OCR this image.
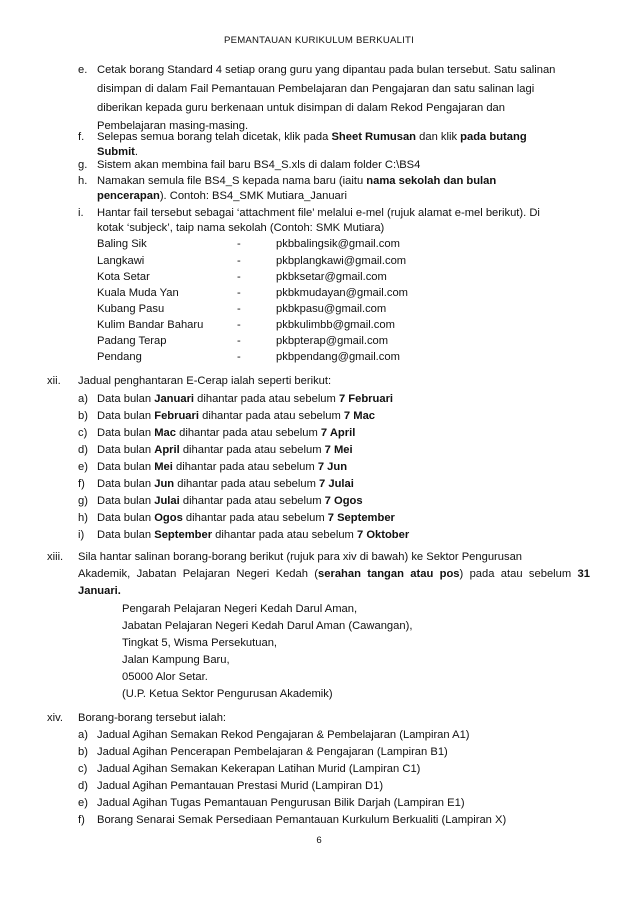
PEMANTAUAN KURIKULUM BERKUALITI
e. Cetak borang Standard 4 setiap orang guru yang dipantau pada bulan tersebut. Satu salinan
disimpan di dalam Fail Pemantauan Pembelajaran dan Pengajaran dan satu salinan lagi
diberikan kepada guru berkenaan untuk disimpan di dalam Rekod Pengajaran dan
Pembelajaran masing-masing.
f. Selepas semua borang telah dicetak, klik pada Sheet Rumusan dan klik pada butang
Submit.
g. Sistem akan membina fail baru BS4_S.xls di dalam folder C:\BS4
h. Namakan semula file BS4_S kepada nama baru (iaitu nama sekolah dan bulan
pencerapan). Contoh: BS4_SMK Mutiara_Januari
i. Hantar fail tersebut sebagai ‘attachment file’ melalui e-mel (rujuk alamat e-mel berikut). Di
kotak ‘subjeck’, taip nama sekolah (Contoh: SMK Mutiara)
Baling Sik	-	pkbbalingsik@gmail.com
Langkawi	-	pkbplangkawi@gmail.com
Kota Setar	-	pkbksetar@gmail.com
Kuala Muda Yan	-	pkbkmudayan@gmail.com
Kubang Pasu	-	pkbkpasu@gmail.com
Kulim Bandar Baharu	-	pkbkulimbb@gmail.com
Padang Terap	-	pkbpterap@gmail.com
Pendang	-	pkbpendang@gmail.com
xii. Jadual penghantaran E-Cerap ialah seperti berikut:
a) Data bulan Januari dihantar pada atau sebelum 7 Februari
b) Data bulan Februari dihantar pada atau sebelum 7 Mac
c) Data bulan Mac dihantar pada atau sebelum 7 April
d) Data bulan April dihantar pada atau sebelum 7 Mei
e) Data bulan Mei dihantar pada atau sebelum 7 Jun
f) Data bulan Jun dihantar pada atau sebelum 7 Julai
g) Data bulan Julai dihantar pada atau sebelum 7 Ogos
h) Data bulan Ogos dihantar pada atau sebelum 7 September
i) Data bulan September dihantar pada atau sebelum 7 Oktober
xiii. Sila hantar salinan borang-borang berikut (rujuk para xiv di bawah) ke Sektor Pengurusan
Akademik, Jabatan Pelajaran Negeri Kedah (serahan tangan atau pos) pada atau sebelum 31
Januari.
Pengarah Pelajaran Negeri Kedah Darul Aman,
Jabatan Pelajaran Negeri Kedah Darul Aman (Cawangan),
Tingkat 5, Wisma Persekutuan,
Jalan Kampung Baru,
05000 Alor Setar.
(U.P. Ketua Sektor Pengurusan Akademik)
xiv. Borang-borang tersebut ialah:
a) Jadual Agihan Semakan Rekod Pengajaran & Pembelajaran (Lampiran A1)
b) Jadual Agihan Pencerapan Pembelajaran & Pengajaran (Lampiran B1)
c) Jadual Agihan Semakan Kekerapan Latihan Murid (Lampiran C1)
d) Jadual Agihan Pemantauan Prestasi Murid (Lampiran D1)
e) Jadual Agihan Tugas Pemantauan Pengurusan Bilik Darjah (Lampiran E1)
f) Borang Senarai Semak Persediaan Pemantauan Kurkulum Berkualiti (Lampiran X)
6
